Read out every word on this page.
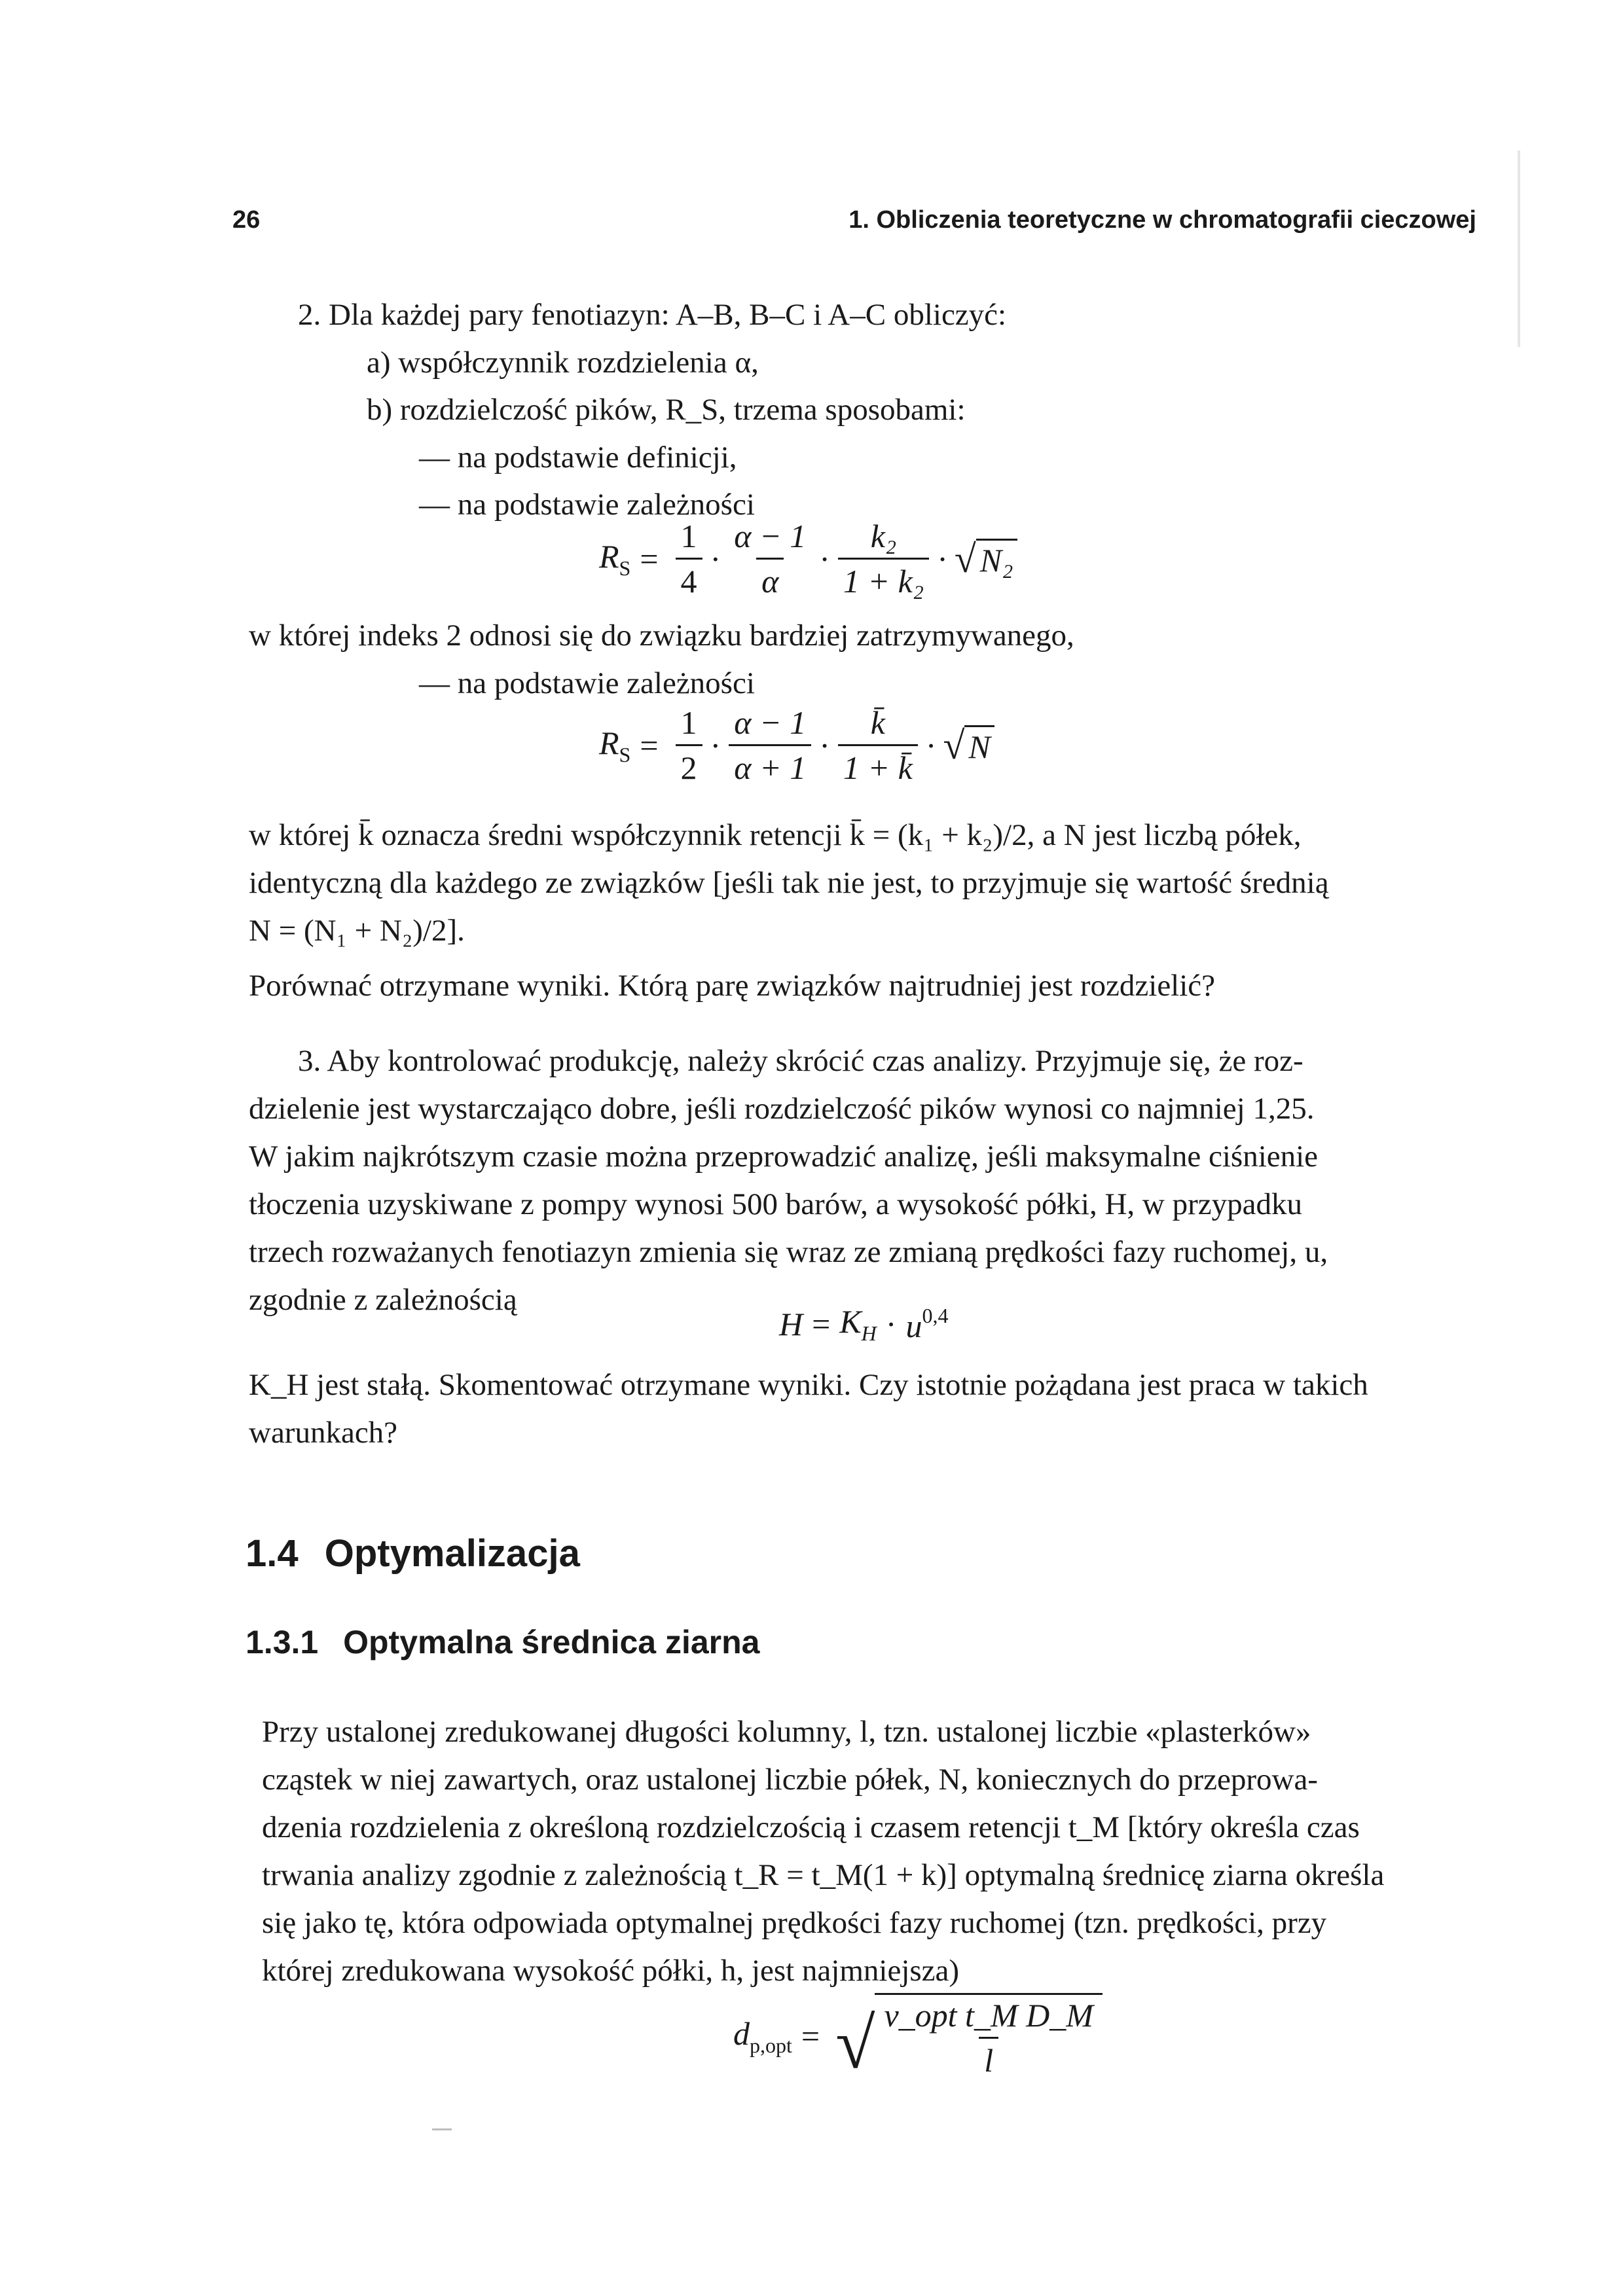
26	1. Obliczenia teoretyczne w chromatografii cieczowej

2. Dla każdej pary fenotiazyn: A–B, B–C i A–C obliczyć:

a) współczynnik rozdzielenia α,

b) rozdzielczość pików, R_S, trzema sposobami:

— na podstawie definicji,

— na podstawie zależności

$R_S = \frac{1}{4} \cdot \frac{\alpha - 1}{\alpha} \cdot \frac{\text{k₂}}{\text{1 + k₂}}$ · √ N₂

w której indeks 2 odnosi się do związku bardziej zatrzymywanego,

— na podstawie zależności

$R_S = \frac{1}{2} \cdot \frac{\alpha - 1}{\alpha + 1} \cdot \frac{k̄}{1 + k̄}$ · √ N

w której k̄ oznacza średni współczynnik retencji k̄ = (k₁ + k₂)/2, a N jest liczbą półek,

identyczną dla każdego ze związków [jeśli tak nie jest, to przyjmuje się wartość średnią

N = (N₁ + N₂)/2].

Porównać otrzymane wyniki. Którą parę związków najtrudniej jest rozdzielić?

3. Aby kontrolować produkcję, należy skrócić czas analizy. Przyjmuje się, że roz-

dzielenie jest wystarczająco dobre, jeśli rozdzielczość pików wynosi co najmniej 1,25.

W jakim najkrótszym czasie można przeprowadzić analizę, jeśli maksymalne ciśnienie

tłoczenia uzyskiwane z pompy wynosi 500 barów, a wysokość półki, H, w przypadku

trzech rozważanych fenotiazyn zmienia się wraz ze zmianą prędkości fazy ruchomej, u,

zgodnie z zależnością

$H = K_H \cdot u^{0,4}$

K_H jest stałą. Skomentować otrzymane wyniki. Czy istotnie pożądana jest praca w takich

warunkach?

1.4 Optymalizacja
1.3.1 Optymalna średnica ziarna

Przy ustalonej zredukowanej długości kolumny, l, tzn. ustalonej liczbie «plasterków»

cząstek w niej zawartych, oraz ustalonej liczbie półek, N, koniecznych do przeprowa-

dzenia rozdzielenia z określoną rozdzielczością i czasem retencji t_M [który określa czas

trwania analizy zgodnie z zależnością t_R = t_M(1 + k)] optymalną średnicę ziarna określa

się jako tę, która odpowiada optymalnej prędkości fazy ruchomej (tzn. prędkości, przy

której zredukowana wysokość półki, h, jest najmniejsza)

$d_{p,opt}$ = √ $\frac{\text{v\_opt t\_M D\_M}}{l}$
